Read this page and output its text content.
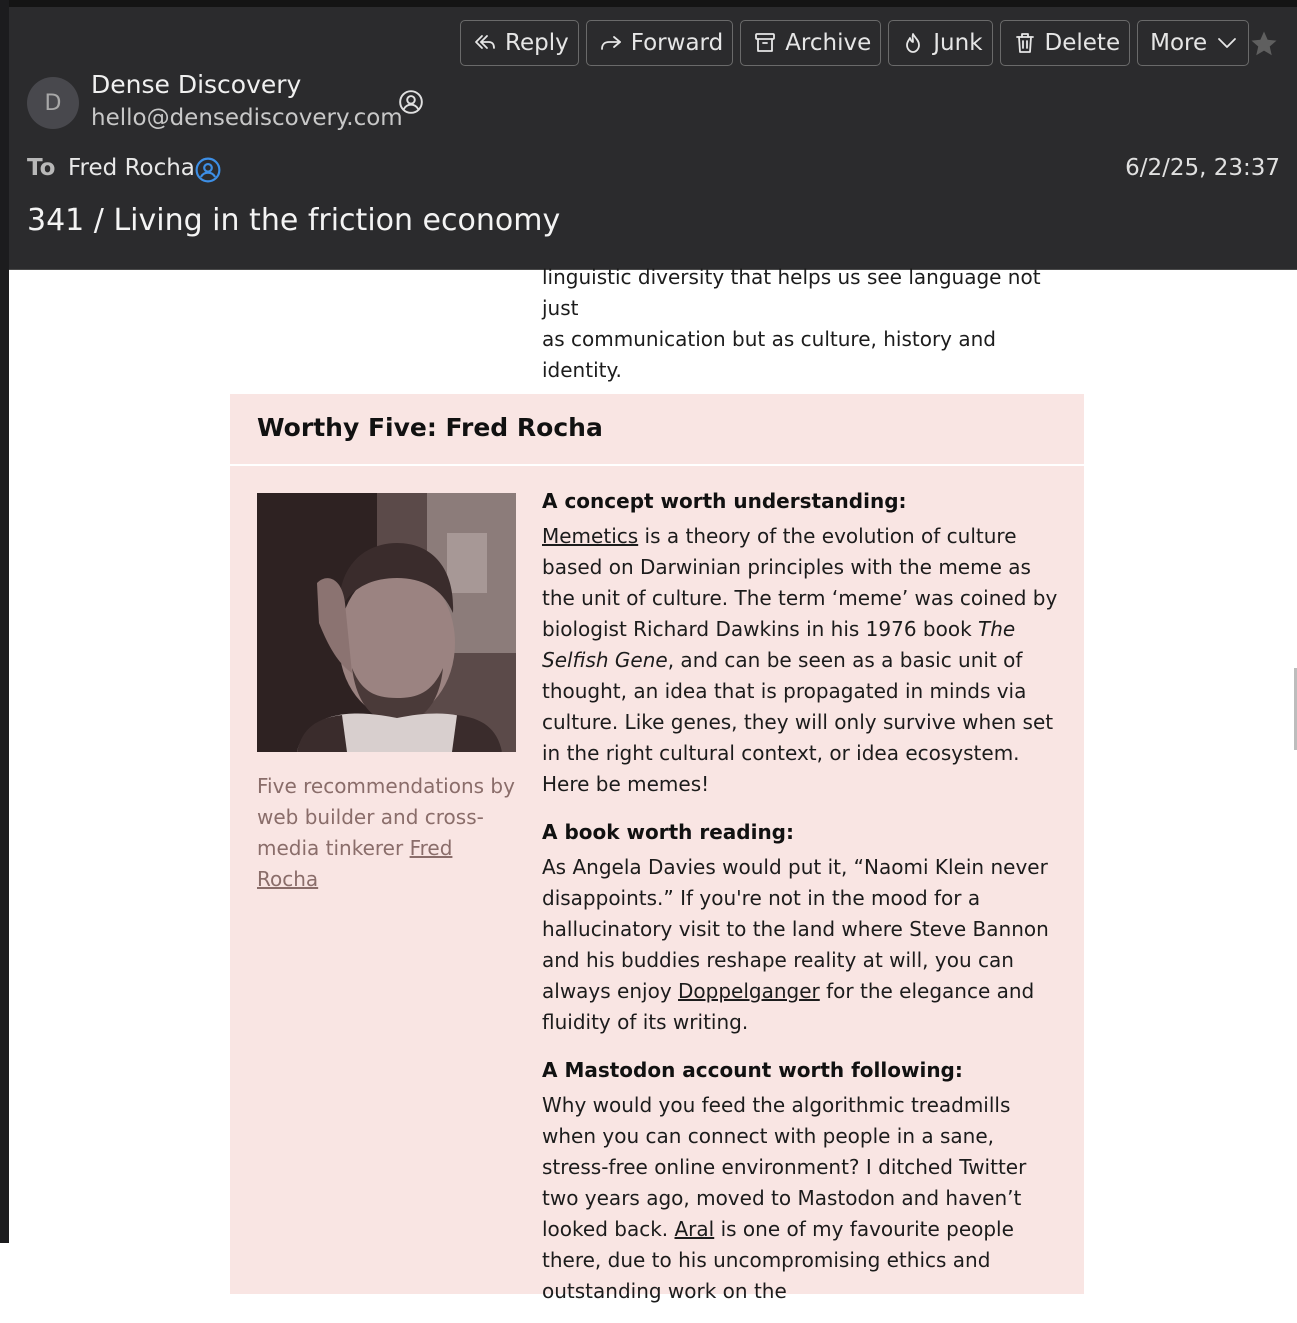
Reply	Forward	Archive	Junk	Delete More
D
Dense Discovery
hello@densediscovery.com
To Fred Rocha	6/2/25, 23:37
341 / Living in the friction economy
linguistic diversity that helps us see language not just
as communication but as culture, history and identity.
Worthy Five: Fred Rocha
Five recommendations by web builder and cross-media tinkerer Fred Rocha
A concept worth understanding:

Memetics is a theory of the evolution of culture based on Darwinian principles with the meme as the unit of culture. The term ‘meme’ was coined by biologist Richard Dawkins in his 1976 book The Selfish Gene, and can be seen as a basic unit of thought, an idea that is propagated in minds via culture. Like genes, they will only survive when set in the right cultural context, or idea ecosystem. Here be memes!

A book worth reading:

As Angela Davies would put it, “Naomi Klein never disappoints.” If you're not in the mood for a hallucinatory visit to the land where Steve Bannon and his buddies reshape reality at will, you can always enjoy Doppelganger for the elegance and fluidity of its writing.

A Mastodon account worth following:

Why would you feed the algorithmic treadmills when you can connect with people in a sane, stress-free online environment? I ditched Twitter two years ago, moved to Mastodon and haven’t looked back. Aral is one of my favourite people there, due to his uncompromising ethics and outstanding work on the
